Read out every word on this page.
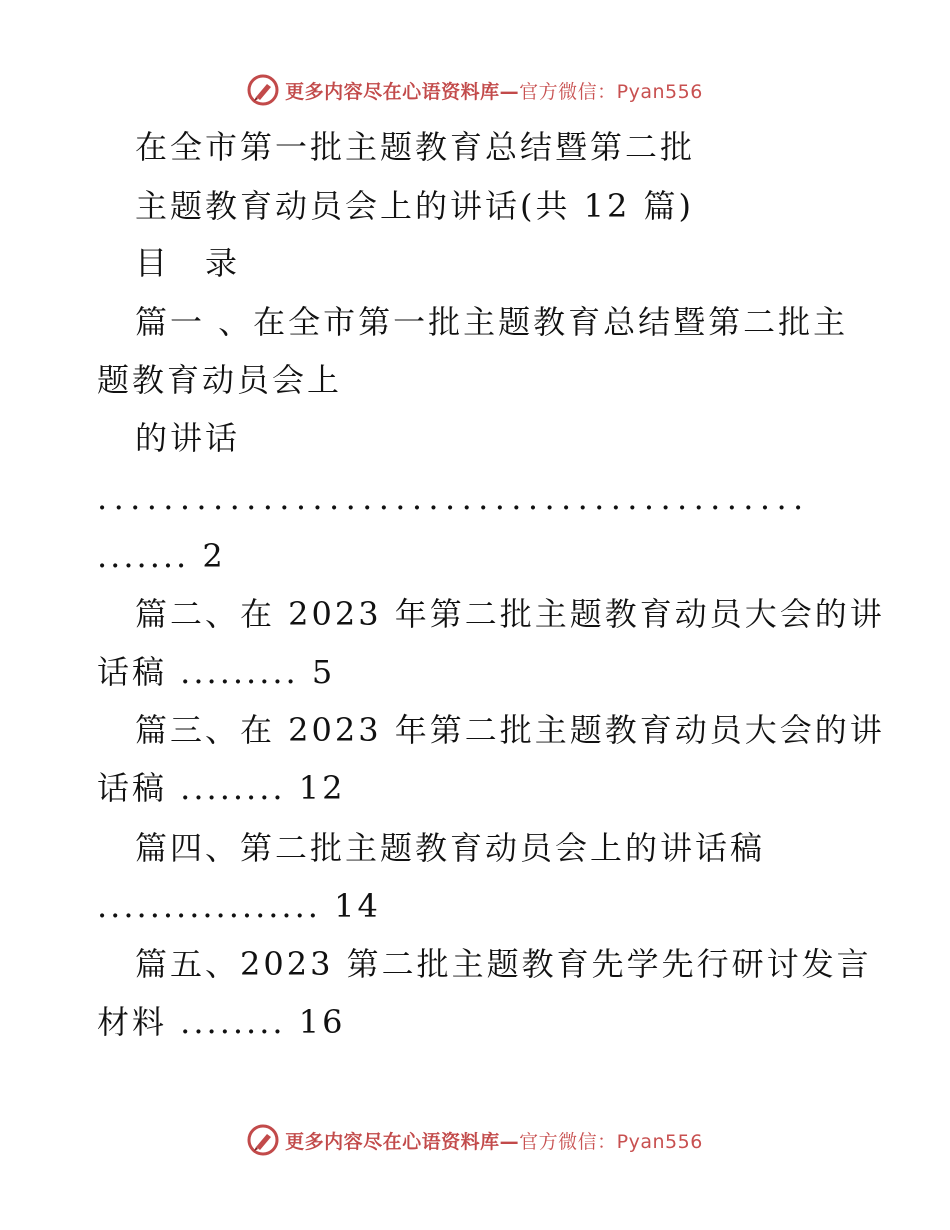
更多内容尽在心语资料库—官方微信：Pyan556
在全市第一批主题教育总结暨第二批
主题教育动员会上的讲话(共 12 篇)
目　录
篇一 、在全市第一批主题教育总结暨第二批主
题教育动员会上
的讲话
...........................................
....... 2
篇二、在 2023 年第二批主题教育动员大会的讲
话稿 ......... 5
篇三、在 2023 年第二批主题教育动员大会的讲
话稿 ........ 12
篇四、第二批主题教育动员会上的讲话稿
................. 14
篇五、2023 第二批主题教育先学先行研讨发言
材料 ........ 16
更多内容尽在心语资料库—官方微信：Pyan556
